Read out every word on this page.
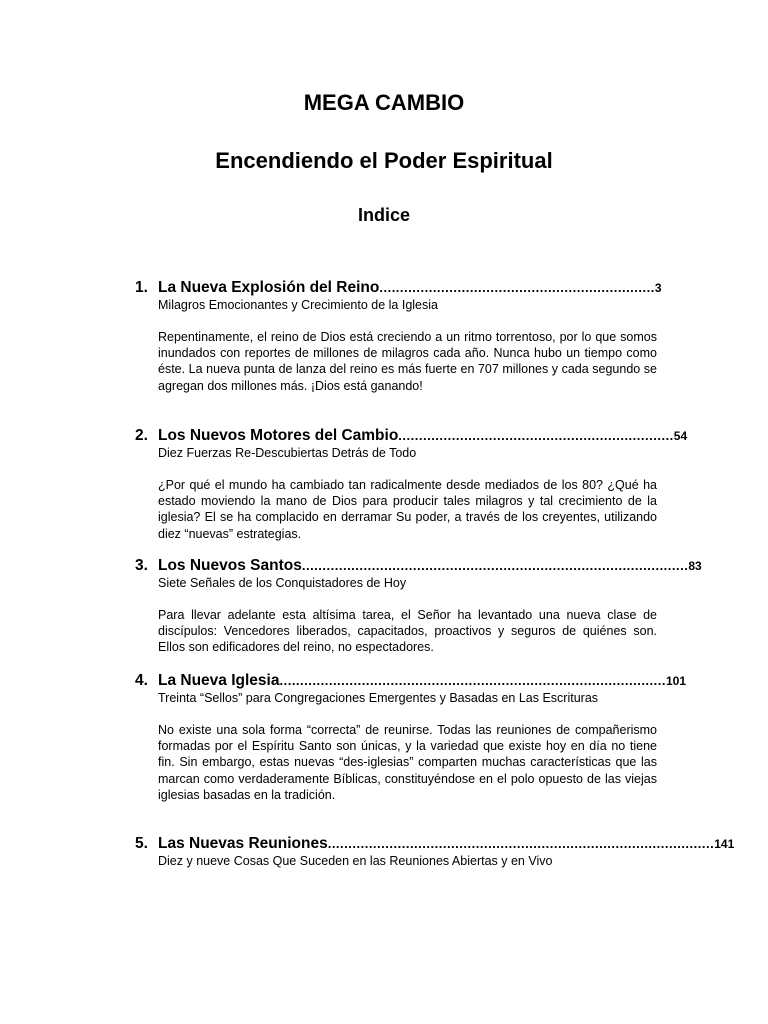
MEGA CAMBIO
Encendiendo el Poder Espiritual
Indice
1. La Nueva Explosión del Reino ................................................................... 3
Milagros Emocionantes y Crecimiento de la Iglesia
Repentinamente, el reino de Dios está creciendo a un ritmo torrentoso, por lo que somos inundados con reportes de millones de milagros cada año. Nunca hubo un tiempo como éste. La nueva punta de lanza del reino es más fuerte en 707 millones y cada segundo se agregan dos millones más. ¡Dios está ganando!
2. Los Nuevos Motores del Cambio ................................................................... 54
Diez Fuerzas Re-Descubiertas Detrás de Todo
¿Por qué el mundo ha cambiado tan radicalmente desde mediados de los 80? ¿Qué ha estado moviendo la mano de Dios para producir tales milagros y tal crecimiento de la iglesia? El se ha complacido en derramar Su poder, a través de los creyentes, utilizando diez “nuevas” estrategias.
3. Los Nuevos Santos .............................................................................................. 83
Siete Señales de los Conquistadores de Hoy
Para llevar adelante esta altísima tarea, el Señor ha levantado una nueva clase de discípulos: Vencedores liberados, capacitados, proactivos y seguros de quiénes son. Ellos son edificadores del reino, no espectadores.
4. La Nueva Iglesia .............................................................................................. 101
Treinta “Sellos” para Congregaciones Emergentes y Basadas en Las Escrituras
No existe una sola forma “correcta” de reunirse. Todas las reuniones de compañerismo formadas por el Espíritu Santo son únicas, y la variedad que existe hoy en día no tiene fin. Sin embargo, estas nuevas “des-iglesias” comparten muchas características que las marcan como verdaderamente Bíblicas, constituyéndose en el polo opuesto de las viejas iglesias basadas en la tradición.
5. Las Nuevas Reuniones .............................................................................................. 141
Diez y nueve Cosas Que Suceden en las Reuniones Abiertas y en Vivo
